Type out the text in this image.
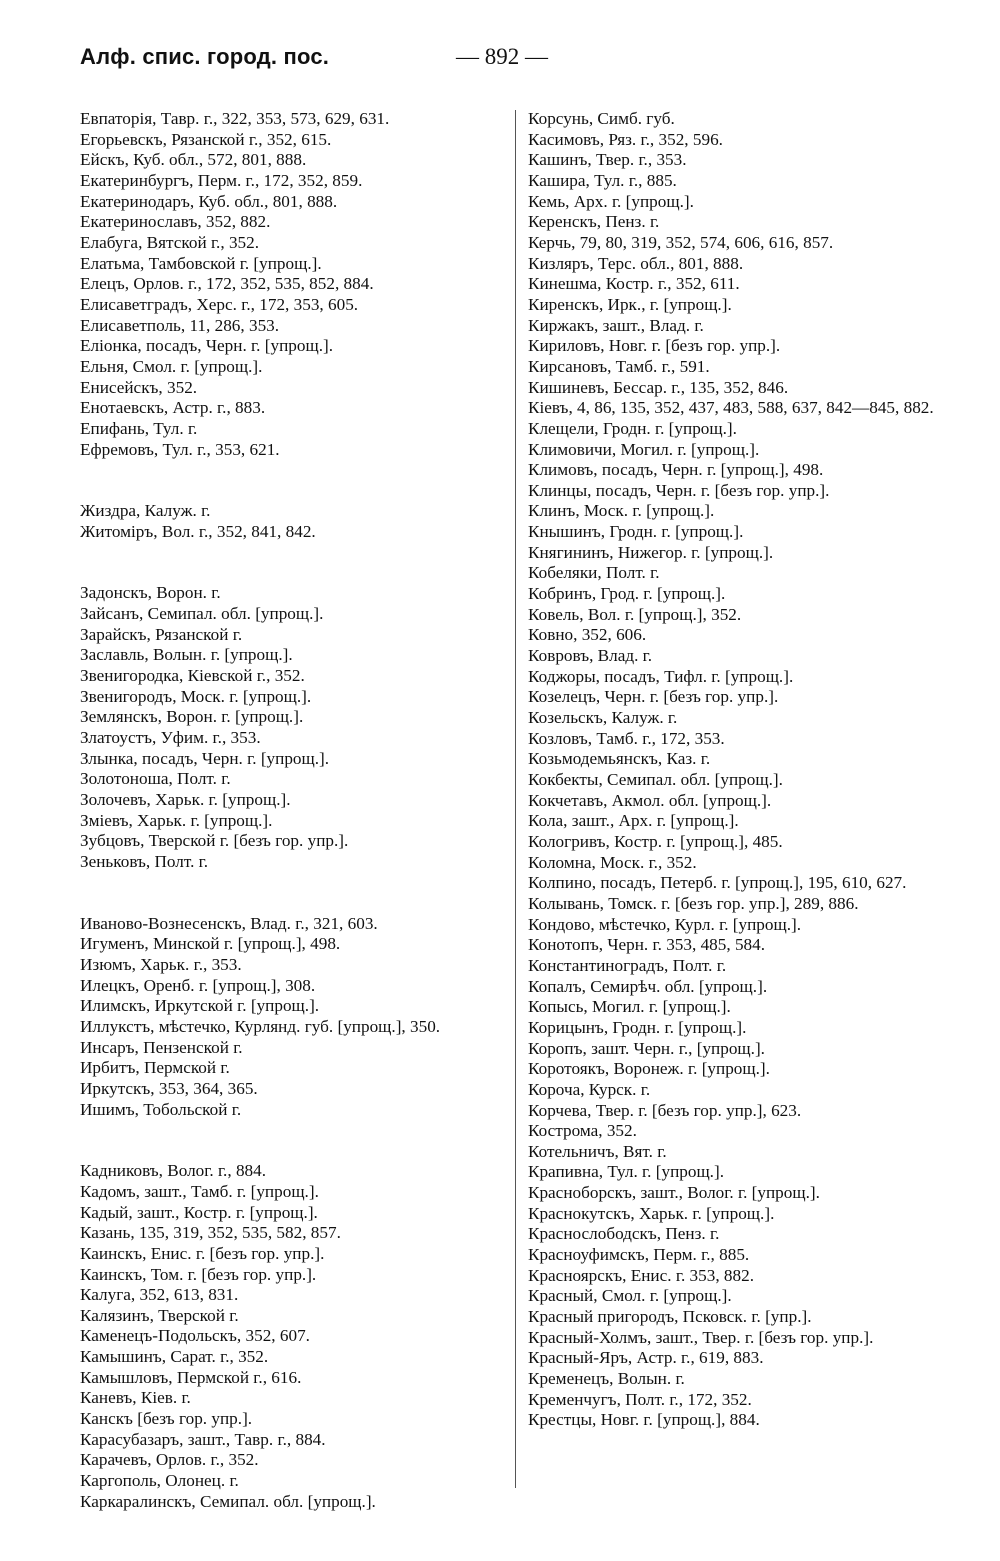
Алф. спис. город. пос.	— 892 —

Евпаторія, Тавр. г., 322, 353, 573, 629, 631.

Егорьевскъ, Рязанской г., 352, 615.

Ейскъ, Куб. обл., 572, 801, 888.

Екатеринбургъ, Перм. г., 172, 352, 859.

Екатеринодаръ, Куб. обл., 801, 888.

Екатеринославъ, 352, 882.

Елабуга, Вятской г., 352.

Елатьма, Тамбовской г. [упрощ.].

Елецъ, Орлов. г., 172, 352, 535, 852, 884.

Елисаветградъ, Херс. г., 172, 353, 605.

Елисаветполь, 11, 286, 353.

Еліонка, посадъ, Черн. г. [упрощ.].

Ельня, Смол. г. [упрощ.].

Енисейскъ, 352.

Енотаевскъ, Астр. г., 883.

Епифань, Тул. г.

Ефремовъ, Тул. г., 353, 621.

Жиздра, Калуж. г.

Житоміръ, Вол. г., 352, 841, 842.

Задонскъ, Ворон. г.

Зайсанъ, Семипал. обл. [упрощ.].

Зарайскъ, Рязанской г.

Заславль, Волын. г. [упрощ.].

Звенигородка, Кіевской г., 352.

Звенигородъ, Моск. г. [упрощ.].

Землянскъ, Ворон. г. [упрощ.].

Златоустъ, Уфим. г., 353.

Злынка, посадъ, Черн. г. [упрощ.].

Золотоноша, Полт. г.

Золочевъ, Харьк. г. [упрощ.].

Зміевъ, Харьк. г. [упрощ.].

Зубцовъ, Тверской г. [безъ гор. упр.].

Зеньковъ, Полт. г.

Иваново-Вознесенскъ, Влад. г., 321, 603.

Игуменъ, Минской г. [упрощ.], 498.

Изюмъ, Харьк. г., 353.

Илецкъ, Оренб. г. [упрощ.], 308.

Илимскъ, Иркутской г. [упрощ.].

Иллукстъ, мѣстечко, Курлянд. губ. [упрощ.], 350.

Инсаръ, Пензенской г.

Ирбитъ, Пермской г.

Иркутскъ, 353, 364, 365.

Ишимъ, Тобольской г.

Кадниковъ, Волог. г., 884.

Кадомъ, зашт., Тамб. г. [упрощ.].

Кадый, зашт., Костр. г. [упрощ.].

Казань, 135, 319, 352, 535, 582, 857.

Каинскъ, Енис. г. [безъ гор. упр.].

Каинскъ, Том. г. [безъ гор. упр.].

Калуга, 352, 613, 831.

Калязинъ, Тверской г.

Каменецъ-Подольскъ, 352, 607.

Камышинъ, Сарат. г., 352.

Камышловъ, Пермской г., 616.

Каневъ, Кіев. г.

Канскъ [безъ гор. упр.].

Карасубазаръ, зашт., Тавр. г., 884.

Карачевъ, Орлов. г., 352.

Каргополь, Олонец. г.

Каркаралинскъ, Семипал. обл. [упрощ.].

Корсунь, Симб. губ.

Касимовъ, Ряз. г., 352, 596.

Кашинъ, Твер. г., 353.

Кашира, Тул. г., 885.

Кемь, Арх. г. [упрощ.].

Керенскъ, Пенз. г.

Керчь, 79, 80, 319, 352, 574, 606, 616, 857.

Кизляръ, Терс. обл., 801, 888.

Кинешма, Костр. г., 352, 611.

Киренскъ, Ирк., г. [упрощ.].

Киржакъ, зашт., Влад. г.

Кириловъ, Новг. г. [безъ гор. упр.].

Кирсановъ, Тамб. г., 591.

Кишиневъ, Бессар. г., 135, 352, 846.

Кіевъ, 4, 86, 135, 352, 437, 483, 588, 637, 842—845, 882.

Клещели, Гродн. г. [упрощ.].

Климовичи, Могил. г. [упрощ.].

Климовъ, посадъ, Черн. г. [упрощ.], 498.

Клинцы, посадъ, Черн. г. [безъ гор. упр.].

Клинъ, Моск. г. [упрощ.].

Кнышинъ, Гродн. г. [упрощ.].

Княгининъ, Нижегор. г. [упрощ.].

Кобеляки, Полт. г.

Кобринъ, Грод. г. [упрощ.].

Ковель, Вол. г. [упрощ.], 352.

Ковно, 352, 606.

Ковровъ, Влад. г.

Коджоры, посадъ, Тифл. г. [упрощ.].

Козелецъ, Черн. г. [безъ гор. упр.].

Козельскъ, Калуж. г.

Козловъ, Тамб. г., 172, 353.

Козьмодемьянскъ, Каз. г.

Кокбекты, Семипал. обл. [упрощ.].

Кокчетавъ, Акмол. обл. [упрощ.].

Кола, зашт., Арх. г. [упрощ.].

Кологривъ, Костр. г. [упрощ.], 485.

Коломна, Моск. г., 352.

Колпино, посадъ, Петерб. г. [упрощ.], 195, 610, 627.

Колывань, Томск. г. [безъ гор. упр.], 289, 886.

Кондово, мѣстечко, Курл. г. [упрощ.].

Конотопъ, Черн. г. 353, 485, 584.

Константиноградъ, Полт. г.

Копалъ, Семирѣч. обл. [упрощ.].

Копысь, Могил. г. [упрощ.].

Корицынъ, Гродн. г. [упрощ.].

Коропъ, зашт. Черн. г., [упрощ.].

Коротоякъ, Воронеж. г. [упрощ.].

Короча, Курск. г.

Корчева, Твер. г. [безъ гор. упр.], 623.

Кострома, 352.

Котельничъ, Вят. г.

Крапивна, Тул. г. [упрощ.].

Красноборскъ, зашт., Волог. г. [упрощ.].

Краснокутскъ, Харьк. г. [упрощ.].

Краснослободскъ, Пенз. г.

Красноуфимскъ, Перм. г., 885.

Красноярскъ, Енис. г. 353, 882.

Красный, Смол. г. [упрощ.].

Красный пригородъ, Псковск. г. [упр.].

Красный-Холмъ, зашт., Твер. г. [безъ гор. упр.].

Красный-Яръ, Астр. г., 619, 883.

Кременецъ, Волын. г.

Кременчугъ, Полт. г., 172, 352.

Крестцы, Новг. г. [упрощ.], 884.
